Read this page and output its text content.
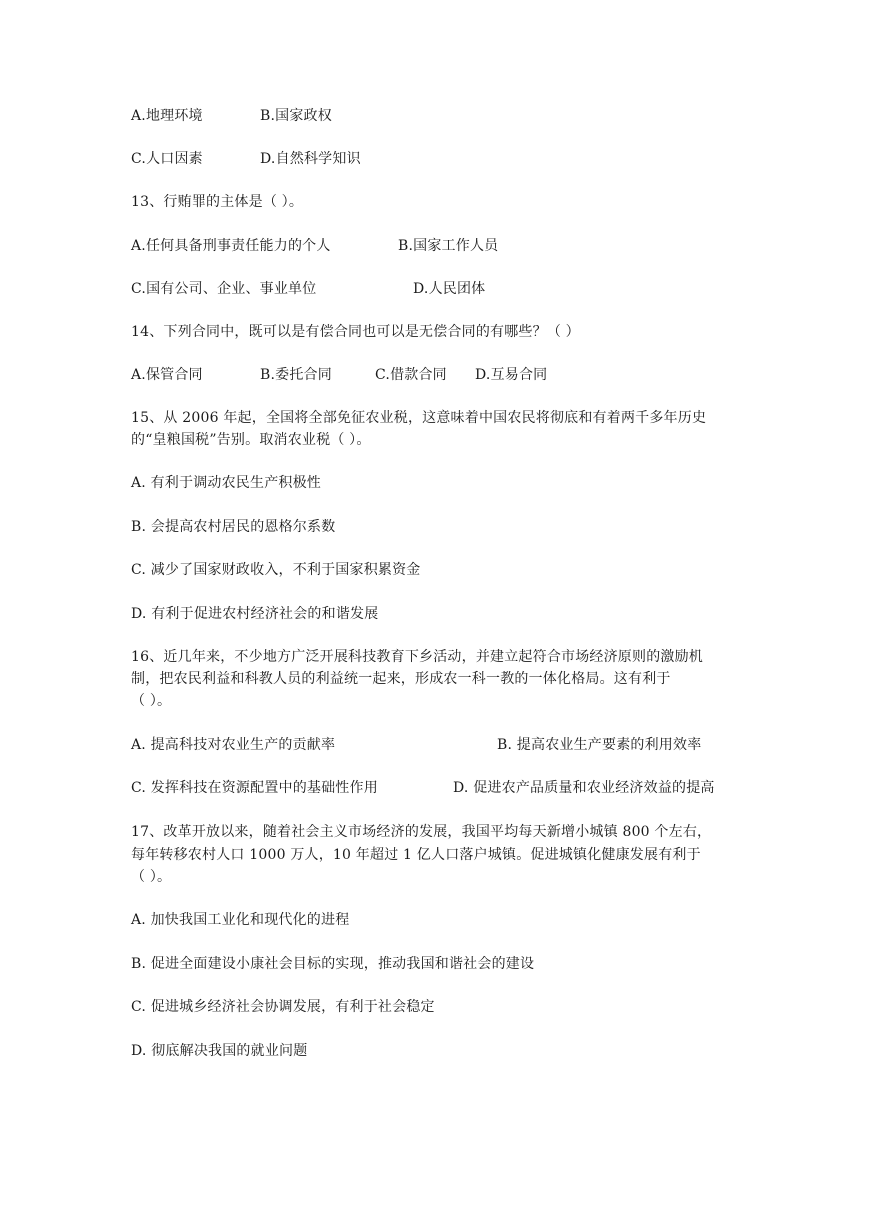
A.地理环境	B.国家政权
C.人口因素	D.自然科学知识
13、行贿罪的主体是（ ）。
A.任何具备刑事责任能力的个人	B.国家工作人员
C.国有公司、企业、事业单位	D.人民团体
14、下列合同中，既可以是有偿合同也可以是无偿合同的有哪些？（ ）
A.保管合同	B.委托合同	C.借款合同 D.互易合同
15、从 2006 年起，全国将全部免征农业税，这意味着中国农民将彻底和有着两千多年历史
的“皇粮国税”告别。取消农业税（ ）。
A. 有利于调动农民生产积极性
B. 会提高农村居民的恩格尔系数
C. 减少了国家财政收入，不利于国家积累资金
D. 有利于促进农村经济社会的和谐发展
16、近几年来，不少地方广泛开展科技教育下乡活动，并建立起符合市场经济原则的激励机
制，把农民利益和科教人员的利益统一起来，形成农一科一教的一体化格局。这有利于
（ ）。
A. 提高科技对农业生产的贡献率	B. 提高农业生产要素的利用效率
C. 发挥科技在资源配置中的基础性作用	D. 促进农产品质量和农业经济效益的提高
17、改革开放以来，随着社会主义市场经济的发展，我国平均每天新增小城镇 800 个左右，
每年转移农村人口 1000 万人，10 年超过 1 亿人口落户城镇。促进城镇化健康发展有利于
（ ）。
A. 加快我国工业化和现代化的进程
B. 促进全面建设小康社会目标的实现，推动我国和谐社会的建设
C. 促进城乡经济社会协调发展，有利于社会稳定
D. 彻底解决我国的就业问题
